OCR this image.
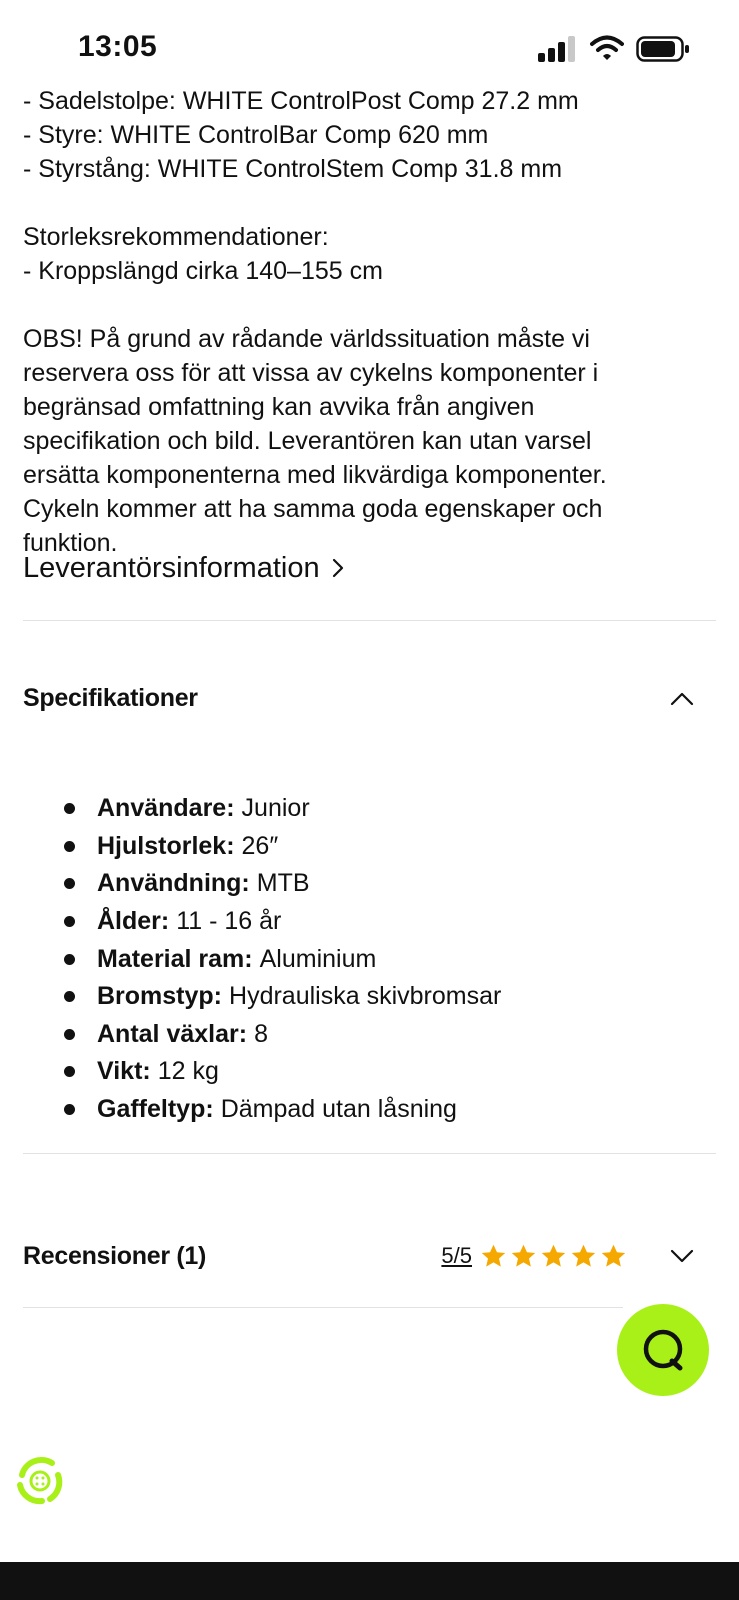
- Sadelstolpe: WHITE ControlPost Comp 27.2 mm
- Styre: WHITE ControlBar Comp 620 mm
- Styrstång: WHITE ControlStem Comp 31.8 mm
Storleksrekommendationer:
- Kroppslängd cirka 140–155 cm
OBS! På grund av rådande världssituation måste vi
reservera oss för att vissa av cykelns komponenter i
begränsad omfattning kan avvika från angiven
specifikation och bild. Leverantören kan utan varsel
ersätta komponenterna med likvärdiga komponenter.
Cykeln kommer att ha samma goda egenskaper och
funktion.
Leverantörsinformation
Specifikationer
Användare: Junior
Hjulstorlek: 26″
Användning: MTB
Ålder: 11 - 16 år
Material ram: Aluminium
Bromstyp: Hydrauliska skivbromsar
Antal växlar: 8
Vikt: 12 kg
Gaffeltyp: Dämpad utan låsning
Recensioner (1)	5/5
13:05
